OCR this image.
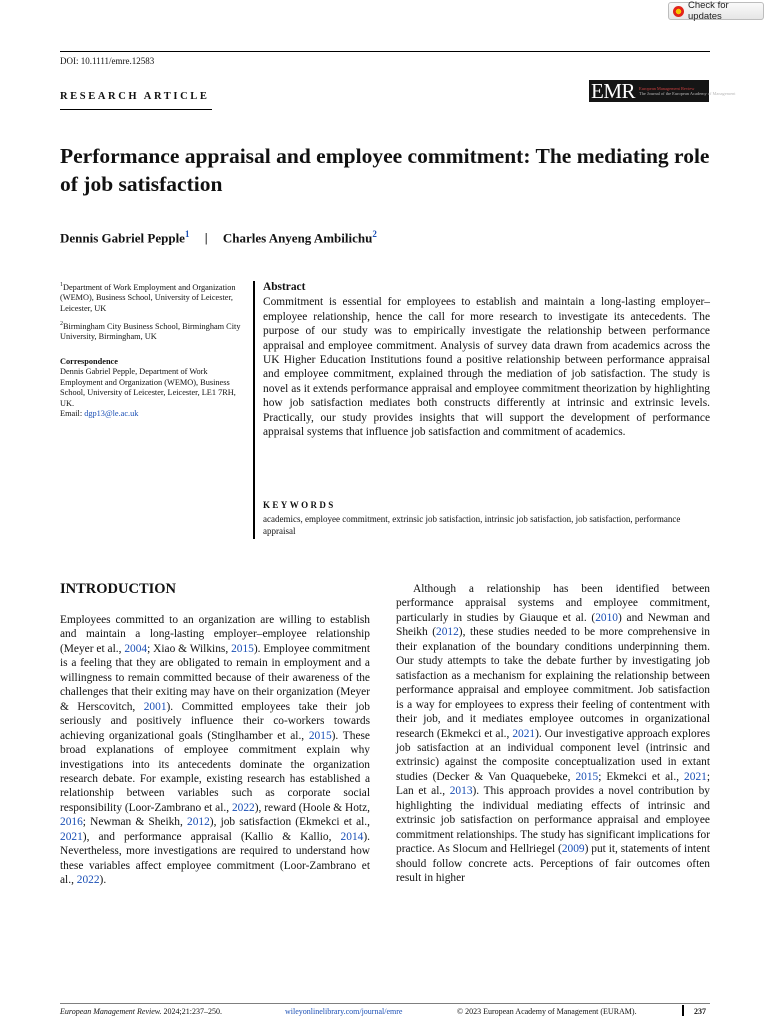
Check for updates
DOI: 10.1111/emre.12583
RESEARCH ARTICLE	EMR European Management Review
The Journal of the European Academy of Management
Performance appraisal and employee commitment: The mediating role of job satisfaction
Dennis Gabriel Pepple$^1$ | Charles Anyeng Ambilichu$^2$

$^1$Department of Work Employment and Organization (WEMO), Business School, University of Leicester, Leicester, UK

$^2$Birmingham City Business School, Birmingham City University, Birmingham, UK

Correspondence

Dennis Gabriel Pepple, Department of Work Employment and Organization (WEMO), Business School, University of Leicester, Leicester, LE1 7RH, UK.
Email: dgp13@le.ac.uk

Abstract
Commitment is essential for employees to establish and maintain a long-lasting employer–employee relationship, hence the call for more research to investigate its antecedents. The purpose of our study was to empirically investigate the relationship between performance appraisal and employee commitment. Analysis of survey data drawn from academics across the UK Higher Education Institutions found a positive relationship between performance appraisal and employee commitment, explained through the mediation of job satisfaction. The study is novel as it extends performance appraisal and employee commitment theorization by highlighting how job satisfaction mediates both constructs differently at intrinsic and extrinsic levels. Practically, our study provides insights that will support the development of performance appraisal systems that influence job satisfaction and commitment of academics.
KEYWORDS
academics, employee commitment, extrinsic job satisfaction, intrinsic job satisfaction, job satisfaction, performance appraisal
INTRODUCTION
Employees committed to an organization are willing to establish and maintain a long-lasting employer–employee relationship (Meyer et al., 2004; Xiao & Wilkins, 2015). Employee commitment is a feeling that they are obligated to remain in employment and a willingness to remain committed because of their awareness of the challenges that their exiting may have on their organization (Meyer & Herscovitch, 2001). Committed employees take their job seriously and positively influence their co-workers towards achieving organizational goals (Stinglhamber et al., 2015). These broad explanations of employee commitment explain why investigations into its antecedents dominate the organization research debate. For example, existing research has established a relationship between variables such as corporate social responsibility (Loor-Zambrano et al., 2022), reward (Hoole & Hotz, 2016; Newman & Sheikh, 2012), job satisfaction (Ekmekci et al., 2021), and performance appraisal (Kallio & Kallio, 2014). Nevertheless, more investigations are required to understand how these variables affect employee commitment (Loor-Zambrano et al., 2022).
Although a relationship has been identified between performance appraisal systems and employee commitment, particularly in studies by Giauque et al. (2010) and Newman and Sheikh (2012), these studies needed to be more comprehensive in their explanation of the boundary conditions underpinning them. Our study attempts to take the debate further by investigating job satisfaction as a mechanism for explaining the relationship between performance appraisal and employee commitment. Job satisfaction is a way for employees to express their feeling of contentment with their job, and it mediates employee outcomes in organizational research (Ekmekci et al., 2021). Our investigative approach explores job satisfaction at an individual component level (intrinsic and extrinsic) against the composite conceptualization used in extant studies (Decker & Van Quaquebeke, 2015; Ekmekci et al., 2021; Lan et al., 2013). This approach provides a novel contribution by highlighting the individual mediating effects of intrinsic and extrinsic job satisfaction on performance appraisal and employee commitment relationships. The study has significant implications for practice. As Slocum and Hellriegel (2009) put it, statements of intent should follow concrete acts. Perceptions of fair outcomes often result in higher
European Management Review. 2024;21:237–250.	wileyonlinelibrary.com/journal/emre	© 2023 European Academy of Management (EURAM).	237
